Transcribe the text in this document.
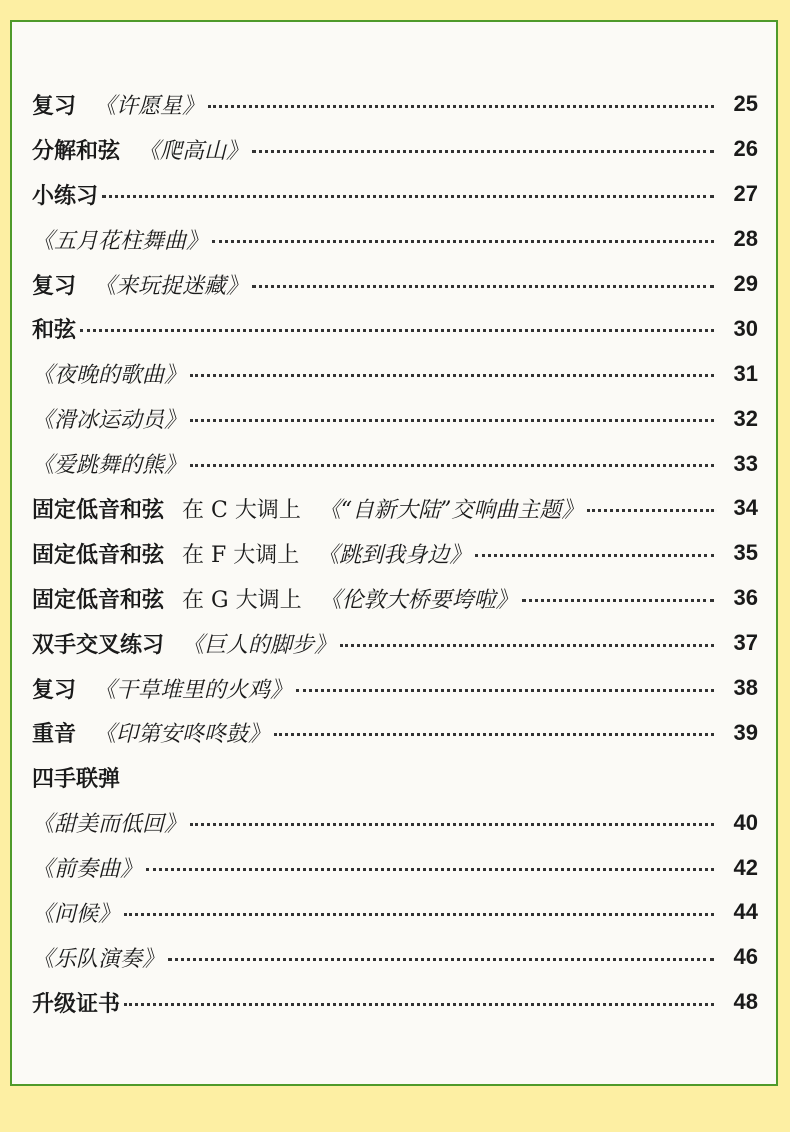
复习 《许愿星》	25
分解和弦 《爬高山》	26
小练习	27
《五月花柱舞曲》	28
复习 《来玩捉迷藏》	29
和弦	30
《夜晚的歌曲》	31
《滑冰运动员》	32
《爱跳舞的熊》	33
固定低音和弦 在 C 大调上 《“自新大陆”交响曲主题》	34
固定低音和弦 在 F 大调上 《跳到我身边》	35
固定低音和弦 在 G 大调上 《伦敦大桥要垮啦》	36
双手交叉练习 《巨人的脚步》	37
复习 《干草堆里的火鸡》	38
重音 《印第安咚咚鼓》	39
四手联弹
《甜美而低回》	40
《前奏曲》	42
《问候》	44
《乐队演奏》	46
升级证书	48
